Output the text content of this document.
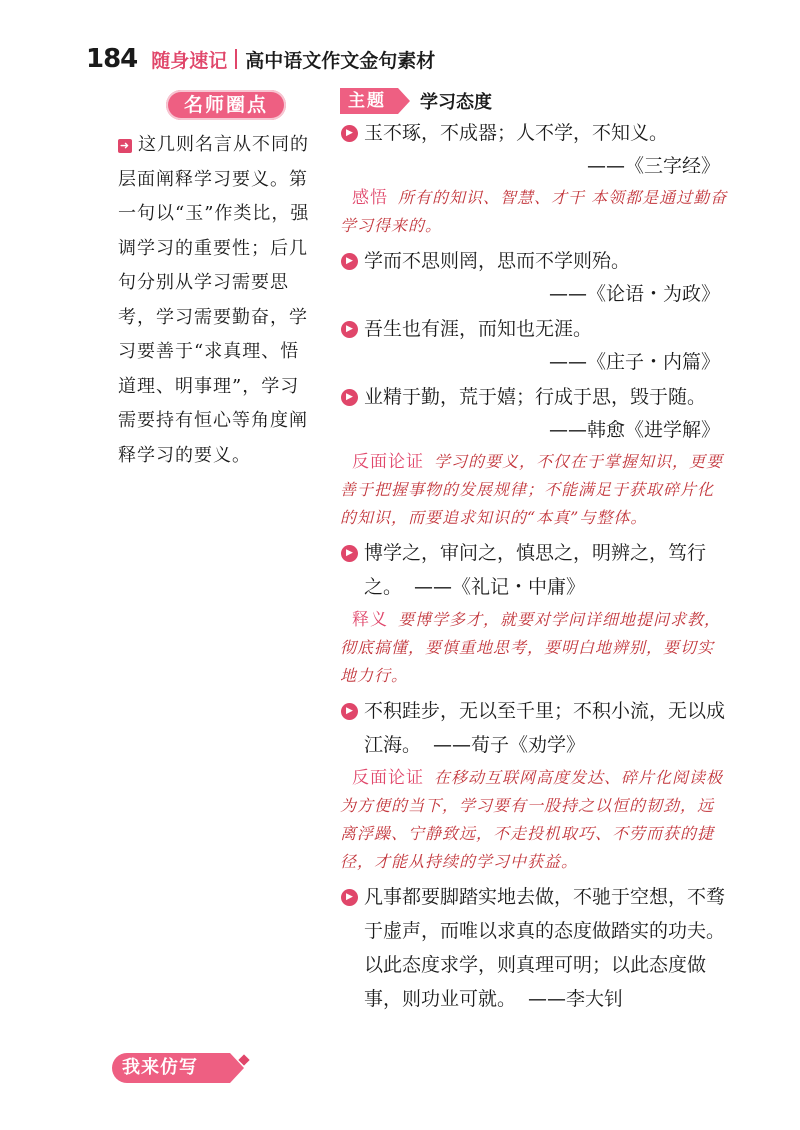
184 随身速记 高中语文作文金句素材
名师圈点
➜ 这几则名言从不同的层面阐释学习要义。第一句以“玉”作类比，强调学习的重要性；后几句分别从学习需要思考，学习需要勤奋，学习要善于“求真理、悟道理、明事理”，学习需要持有恒心等角度阐释学习的要义。
主题	学习态度
▶ 玉不琢，不成器；人不学，不知义。
——《三字经》
感悟 所有的知识、智慧、才干 本领都是通过勤奋学习得来的。
▶ 学而不思则罔，思而不学则殆。
——《论语・为政》
▶ 吾生也有涯，而知也无涯。
——《庄子・内篇》
▶ 业精于勤，荒于嬉；行成于思，毁于随。
——韩愈《进学解》
反面论证 学习的要义，不仅在于掌握知识，更要善于把握事物的发展规律；不能满足于获取碎片化的知识，而要追求知识的“本真”与整体。
▶ 博学之，审问之，慎思之，明辨之，笃行之。 ——《礼记・中庸》
释义 要博学多才，就要对学问详细地提问求教，彻底搞懂，要慎重地思考，要明白地辨别，要切实地力行。
▶ 不积跬步，无以至千里；不积小流，无以成江海。 ——荀子《劝学》
反面论证 在移动互联网高度发达、碎片化阅读极为方便的当下，学习要有一股持之以恒的韧劲，远离浮躁、宁静致远，不走投机取巧、不劳而获的捷径，才能从持续的学习中获益。
▶ 凡事都要脚踏实地去做，不驰于空想，不骛于虚声，而唯以求真的态度做踏实的功夫。 以此态度求学，则真理可明；以此态度做事，则功业可就。 ——李大钊
我来仿写
